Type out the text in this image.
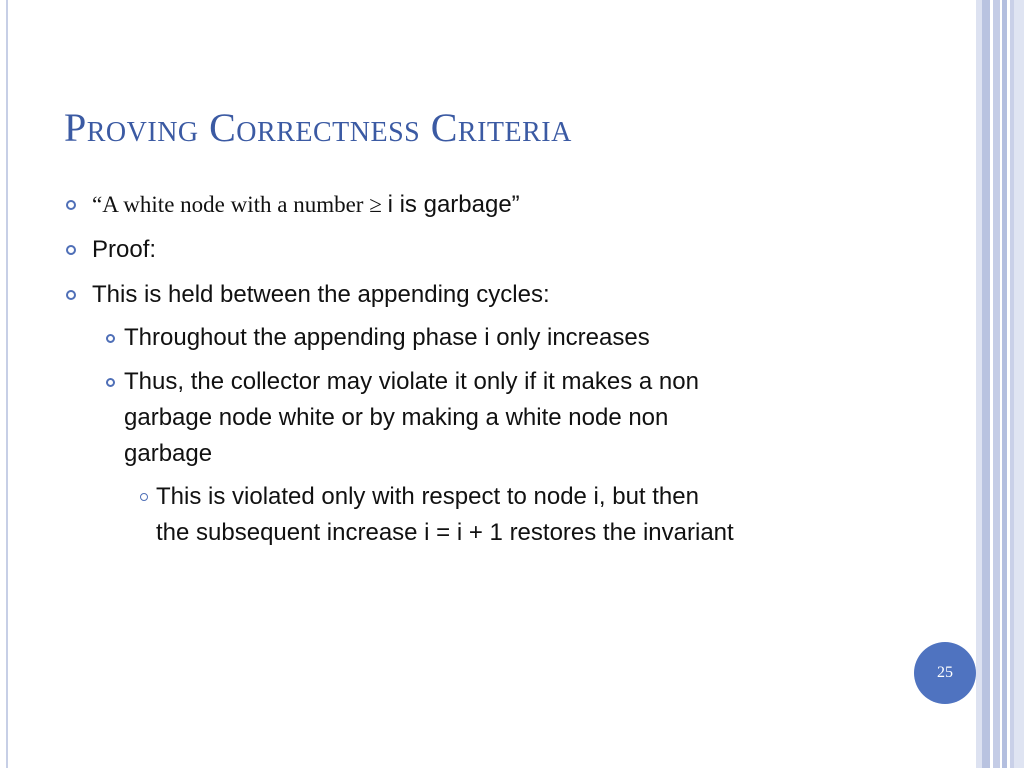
Proving Correctness Criteria
“A white node with a number ≥ i is garbage”
Proof:
This is held between the appending cycles:
Throughout the appending phase i only increases
Thus, the collector may violate it only if it makes a non
garbage node white or by making a white node non
garbage
This is violated only with respect to node i, but then
the subsequent increase i = i + 1 restores the invariant
25
